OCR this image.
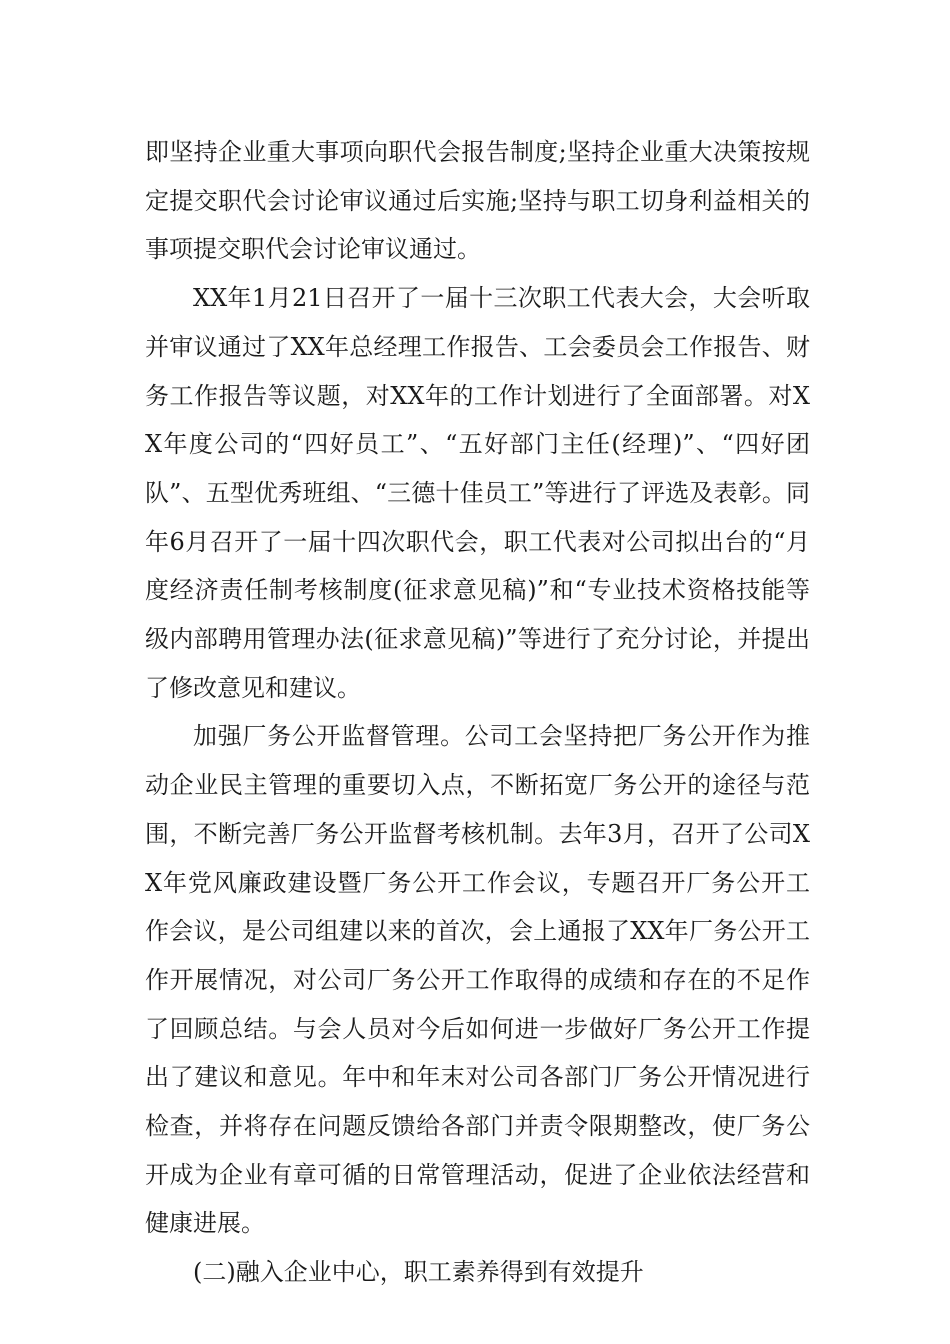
即坚持企业重大事项向职代会报告制度;坚持企业重大决策按规定提交职代会讨论审议通过后实施;坚持与职工切身利益相关的事项提交职代会讨论审议通过。

XX年1月21日召开了一届十三次职工代表大会，大会听取并审议通过了XX年总经理工作报告、工会委员会工作报告、财务工作报告等议题，对XX年的工作计划进行了全面部署。对XX年度公司的“四好员工”、“五好部门主任(经理)”、“四好团队”、五型优秀班组、“三德十佳员工”等进行了评选及表彰。同年6月召开了一届十四次职代会，职工代表对公司拟出台的“月度经济责任制考核制度(征求意见稿)”和“专业技术资格技能等级内部聘用管理办法(征求意见稿)”等进行了充分讨论，并提出了修改意见和建议。

加强厂务公开监督管理。公司工会坚持把厂务公开作为推动企业民主管理的重要切入点，不断拓宽厂务公开的途径与范围，不断完善厂务公开监督考核机制。去年3月，召开了公司XX年党风廉政建设暨厂务公开工作会议，专题召开厂务公开工作会议，是公司组建以来的首次，会上通报了XX年厂务公开工作开展情况，对公司厂务公开工作取得的成绩和存在的不足作了回顾总结。与会人员对今后如何进一步做好厂务公开工作提出了建议和意见。年中和年末对公司各部门厂务公开情况进行检查，并将存在问题反馈给各部门并责令限期整改，使厂务公开成为企业有章可循的日常管理活动，促进了企业依法经营和健康进展。

(二)融入企业中心，职工素养得到有效提升
